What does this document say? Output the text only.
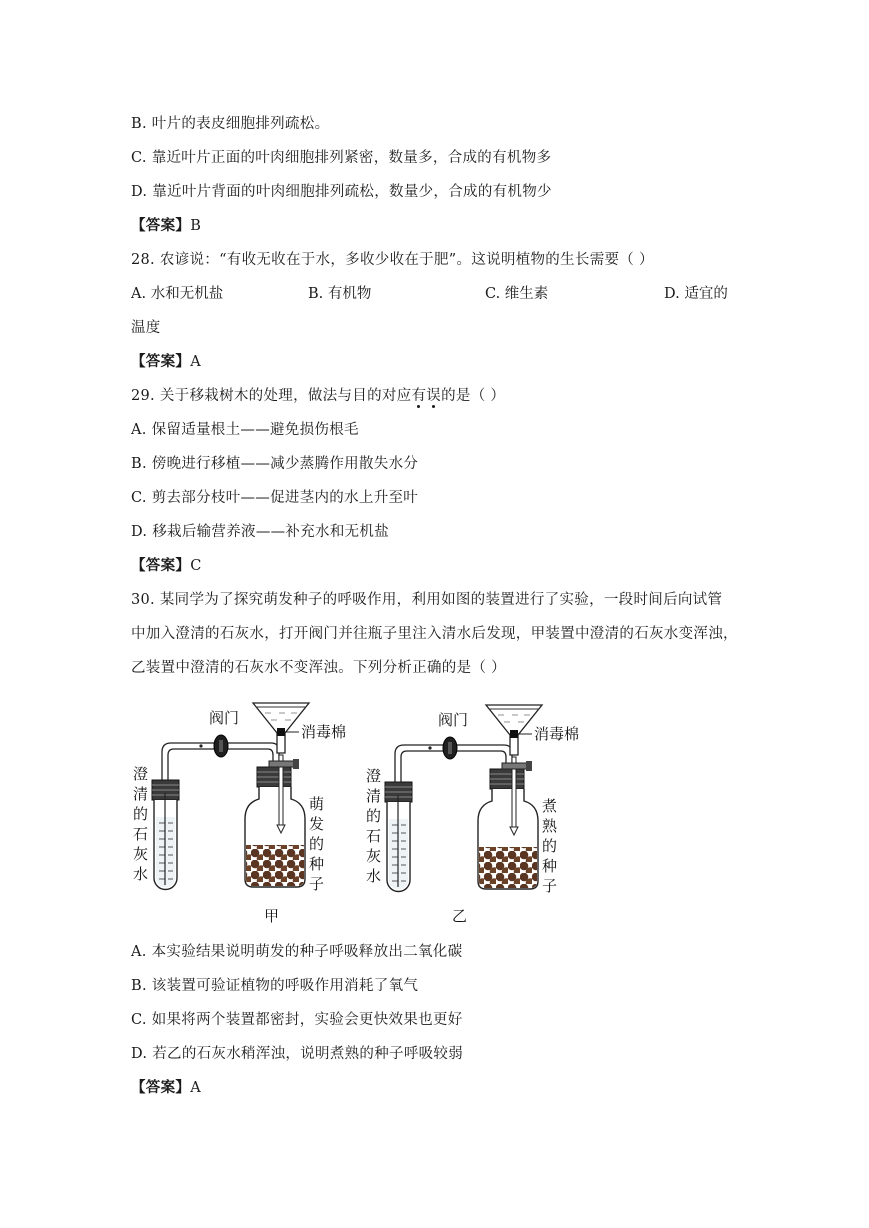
B. 叶片的表皮细胞排列疏松。
C. 靠近叶片正面的叶肉细胞排列紧密，数量多，合成的有机物多
D. 靠近叶片背面的叶肉细胞排列疏松，数量少，合成的有机物少
【答案】B
28. 农谚说：“有收无收在于水，多收少收在于肥”。这说明植物的生长需要（ ）
A. 水和无机盐	B. 有机物	C. 维生素	D. 适宜的
温度
【答案】A
29. 关于移栽树木的处理，做法与目的对应有误的是（ ）
A. 保留适量根土——避免损伤根毛
B. 傍晚进行移植——减少蒸腾作用散失水分
C. 剪去部分枝叶——促进茎内的水上升至叶
D. 移栽后输营养液——补充水和无机盐
【答案】C
30. 某同学为了探究萌发种子的呼吸作用，利用如图的装置进行了实验，一段时间后向试管
中加入澄清的石灰水，打开阀门并往瓶子里注入清水后发现，甲装置中澄清的石灰水变浑浊，
乙装置中澄清的石灰水不变浑浊。下列分析正确的是（ ）
阀门
消毒棉
澄
清
的
石
灰
水
萌
发
的
种
子
甲
阀门
消毒棉
澄
清
的
石
灰
水
煮
熟
的
种
子
乙
A. 本实验结果说明萌发的种子呼吸释放出二氧化碳
B. 该装置可验证植物的呼吸作用消耗了氧气
C. 如果将两个装置都密封，实验会更快效果也更好
D. 若乙的石灰水稍浑浊，说明煮熟的种子呼吸较弱
【答案】A
